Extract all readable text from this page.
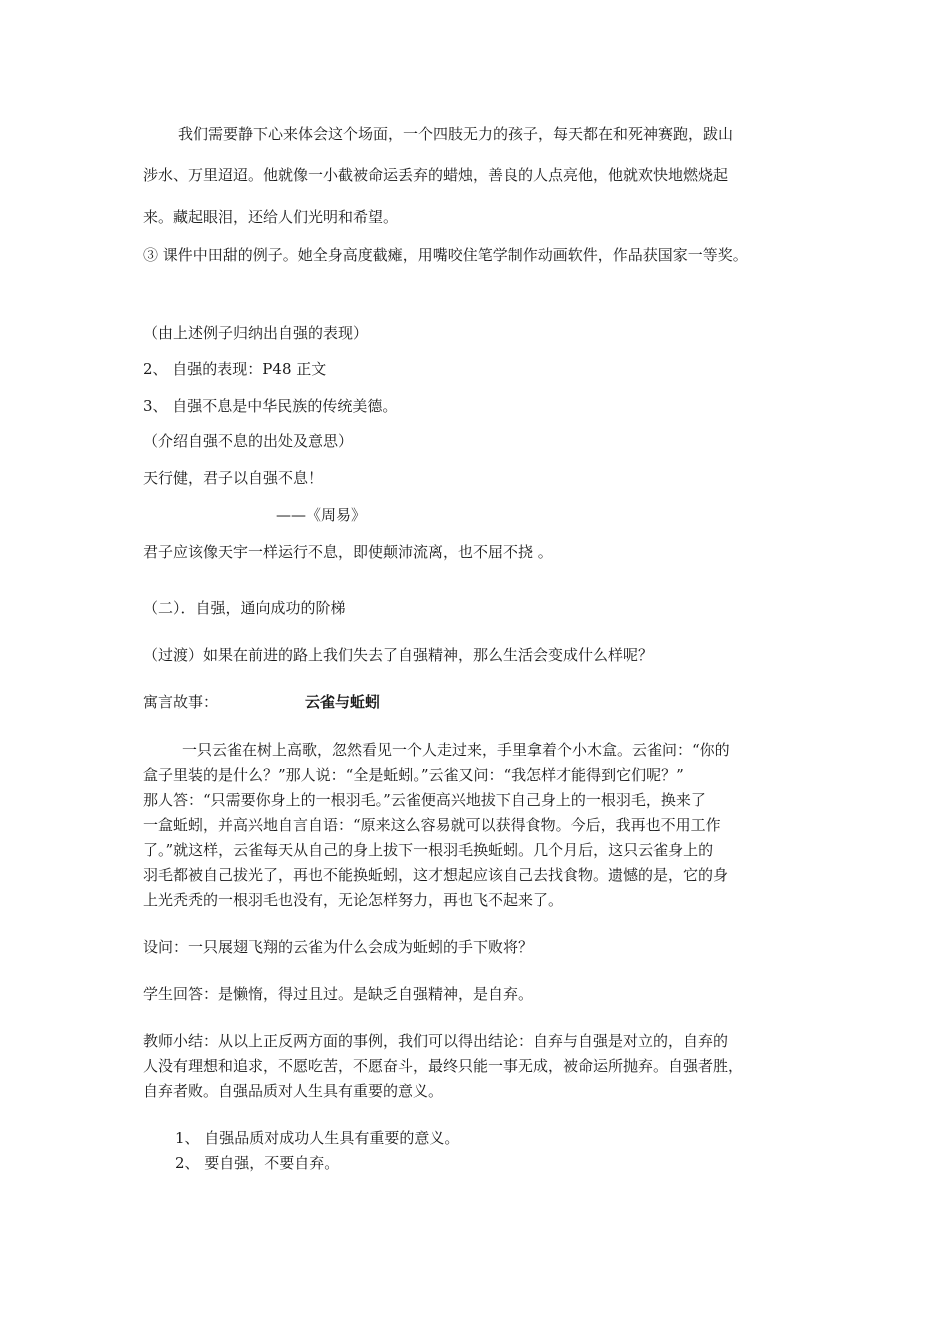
我们需要静下心来体会这个场面，一个四肢无力的孩子，每天都在和死神赛跑，跋山
涉水、万里迢迢。他就像一小截被命运丢弃的蜡烛，善良的人点亮他，他就欢快地燃烧起
来。藏起眼泪，还给人们光明和希望。
③ 课件中田甜的例子。她全身高度截瘫，用嘴咬住笔学制作动画软件，作品获国家一等奖。
（由上述例子归纳出自强的表现）
2、 自强的表现：P48 正文
3、 自强不息是中华民族的传统美德。
（介绍自强不息的出处及意思）
天行健，君子以自强不息！
——《周易》
君子应该像天宇一样运行不息，即使颠沛流离，也不屈不挠 。
（二）．自强，通向成功的阶梯
（过渡）如果在前进的路上我们失去了自强精神，那么生活会变成什么样呢？
寓言故事：	云雀与蚯蚓
一只云雀在树上高歌，忽然看见一个人走过来，手里拿着个小木盒。云雀问：“你的
盒子里装的是什么？”那人说：“全是蚯蚓。”云雀又问：“我怎样才能得到它们呢？”
那人答：“只需要你身上的一根羽毛。”云雀便高兴地拔下自己身上的一根羽毛，换来了
一盒蚯蚓，并高兴地自言自语：“原来这么容易就可以获得食物。今后，我再也不用工作
了。”就这样，云雀每天从自己的身上拔下一根羽毛换蚯蚓。几个月后，这只云雀身上的
羽毛都被自己拔光了，再也不能换蚯蚓，这才想起应该自己去找食物。遗憾的是，它的身
上光秃秃的一根羽毛也没有，无论怎样努力，再也飞不起来了。
设问：一只展翅飞翔的云雀为什么会成为蚯蚓的手下败将？
学生回答：是懒惰，得过且过。是缺乏自强精神，是自弃。
教师小结：从以上正反两方面的事例，我们可以得出结论：自弃与自强是对立的，自弃的
人没有理想和追求，不愿吃苦，不愿奋斗，最终只能一事无成，被命运所抛弃。自强者胜，
自弃者败。自强品质对人生具有重要的意义。
1、 自强品质对成功人生具有重要的意义。
2、 要自强，不要自弃。
